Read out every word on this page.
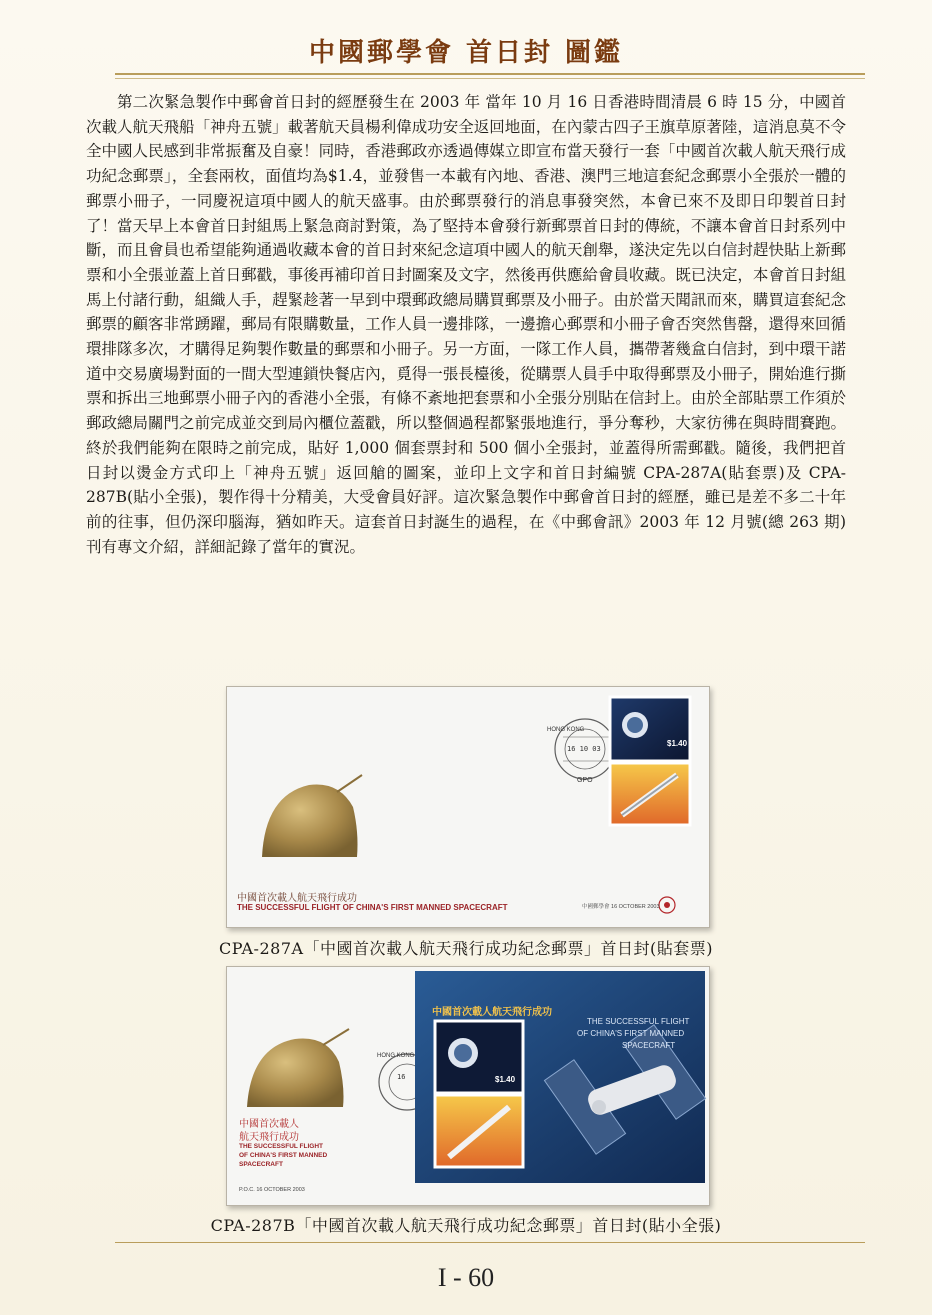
中國郵學會 首日封 圖鑑

第二次緊急製作中郵會首日封的經歷發生在 2003 年 當年 10 月 16 日香港時間清晨 6 時 15 分，中國首次載人航天飛船「神舟五號」載著航天員楊利偉成功安全返回地面，在內蒙古四子王旗草原著陸，這消息莫不令全中國人民感到非常振奮及自豪！同時，香港郵政亦透過傳媒立即宣布當天發行一套「中國首次載人航天飛行成功紀念郵票」，全套兩枚，面值均為$1.4，並發售一本載有內地、香港、澳門三地這套紀念郵票小全張於一體的郵票小冊子，一同慶祝這項中國人的航天盛事。由於郵票發行的消息事發突然，本會已來不及即日印製首日封了！當天早上本會首日封組馬上緊急商討對策，為了堅持本會發行新郵票首日封的傳統，不讓本會首日封系列中斷，而且會員也希望能夠通過收藏本會的首日封來紀念這項中國人的航天創舉，遂決定先以白信封趕快貼上新郵票和小全張並蓋上首日郵戳，事後再補印首日封圖案及文字，然後再供應給會員收藏。既已決定，本會首日封組馬上付諸行動，組織人手，趕緊趁著一早到中環郵政總局購買郵票及小冊子。由於當天聞訊而來，購買這套紀念郵票的顧客非常踴躍，郵局有限購數量，工作人員一邊排隊，一邊擔心郵票和小冊子會否突然售罄，還得來回循環排隊多次，才購得足夠製作數量的郵票和小冊子。另一方面，一隊工作人員，攜帶著幾盒白信封，到中環干諾道中交易廣場對面的一間大型連鎖快餐店內，覓得一張長檯後，從購票人員手中取得郵票及小冊子，開始進行撕票和拆出三地郵票小冊子內的香港小全張，有條不紊地把套票和小全張分別貼在信封上。由於全部貼票工作須於郵政總局關門之前完成並交到局內櫃位蓋戳，所以整個過程都緊張地進行，爭分奪秒，大家彷彿在與時間賽跑。終於我們能夠在限時之前完成，貼好 1,000 個套票封和 500 個小全張封，並蓋得所需郵戳。隨後，我們把首日封以燙金方式印上「神舟五號」返回艙的圖案，並印上文字和首日封編號 CPA-287A(貼套票)及 CPA-287B(貼小全張)，製作得十分精美，大受會員好評。這次緊急製作中郵會首日封的經歷，雖已是差不多二十年前的往事，但仍深印腦海，猶如昨天。這套首日封誕生的過程，在《中郵會訊》2003 年 12 月號(總 263 期)刊有專文介紹，詳細記錄了當年的實況。

16 10 03
HONG KONG
GPO
$1.40
中國首次載人航天飛行成功
THE SUCCESSFUL FLIGHT OF CHINA'S FIRST MANNED SPACECRAFT	中國郵學會 16 OCTOBER 2003
CPA-287A「中國首次載人航天飛行成功紀念郵票」首日封(貼套票)
HONG KONG
16
中國首次載人航天飛行成功
THE SUCCESSFUL FLIGHT
OF CHINA'S FIRST MANNED
SPACECRAFT
$1.40
中國首次載人
航天飛行成功
THE SUCCESSFUL FLIGHT
OF CHINA'S FIRST MANNED
SPACECRAFT
P.O.C. 16 OCTOBER 2003
CPA-287B「中國首次載人航天飛行成功紀念郵票」首日封(貼小全張)
I - 60
